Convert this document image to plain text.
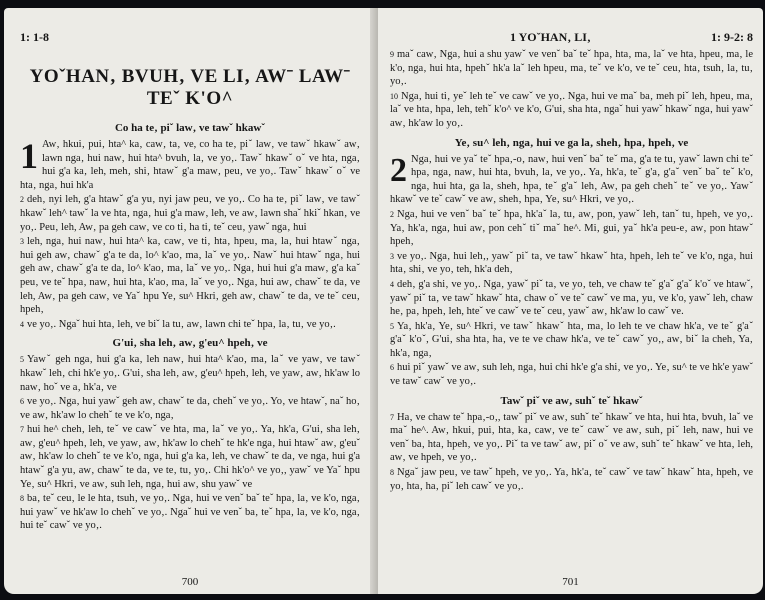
1: 1-8
YOˇHAN‚ BVUH‚ VE LI‚ AWˉ LAWˉ
TEˇ K'O^
Co ha te‚ piˇ law‚ ve tawˇ hkawˇ

1 Aw‚ hkui‚ pui‚ hta^ ka‚ caw‚ ta‚ ve, co ha te‚ piˇ law‚ ve tawˇ hkawˇ aw‚ lawn nga‚ hui naw‚ hui hta^ bvuh‚ la‚ ve yo‚. Tawˇ hkawˇ oˇ ve hta‚ nga‚ hui g'a ka‚ leh, meh‚ shi‚ htawˇ g'a maw‚ peu‚ ve yo‚. Tawˇ hkawˇ oˇ ve hta‚ nga‚ hui hk'a

$^2$ deh‚ nyi leh, g'a htawˇ g'a yu‚ nyi jaw peu‚ ve yo‚. Co ha te‚ piˇ law‚ ve tawˇ hkawˇ leh^ tawˇ la ve hta‚ nga‚ hui g'a maw‚ leh, ve aw‚ lawn shaˇ hkiˇ hkan‚ ve yo‚. Peu‚ leh, Aw‚ pa geh caw‚ ve co ti‚ ha ti‚ teˇ ceu‚ yawˇ nga‚ hui

$^3$ leh, nga‚ hui naw‚ hui hta^ ka‚ caw‚ ve ti‚ hta‚ hpeu‚ ma‚ la‚ hui htawˇ nga‚ hui geh aw‚ chawˇ g'a te da‚ lo^ k'ao‚ ma‚ laˇ ve yo‚. Nawˇ hui htawˇ nga‚ hui geh aw‚ chawˇ g'a te da‚ lo^ k'ao‚ ma‚ laˇ ve yo‚. Nga‚ hui hui g'a maw‚ g'a kaˇ peu‚ ve teˇ hpa‚ naw‚ hui hta‚ k'ao‚ ma‚ laˇ ve yo‚. Nga‚ hui aw‚ chawˇ te da‚ ve leh, Aw‚ pa geh caw‚ ve Yaˇ hpu Ye‚ su^ Hkri‚ geh aw‚ chawˇ te da‚ ve teˇ ceu‚ hpeh‚

$^4$ ve yo‚. Ngaˇ hui hta‚ leh, ve biˇ la tu‚ aw‚ lawn chi teˇ hpa‚ la‚ tu‚ ve yo‚.

G'ui‚ sha leh‚ aw‚ g'eu^ hpeh‚ ve

$^5$ Yawˇ geh nga‚ hui g'a ka‚ leh naw‚ hui hta^ k'ao‚ ma‚ laˇ ve yaw‚ ve tawˇ hkawˇ leh‚ chi hk'e yo‚. G'ui‚ sha leh‚ aw‚ g'eu^ hpeh‚ leh, ve yaw‚ aw‚ hk'aw lo naw‚ hoˇ ve a‚ hk'a‚ ve

$^6$ ve yo‚. Nga‚ hui yawˇ geh aw‚ chawˇ te da‚ chehˇ ve yo‚. Yo‚ ve htawˇ, naˇ ho‚ ve aw‚ hk'aw lo chehˇ te ve k'o, nga‚

$^7$ hui he^ cheh‚ leh, teˇ ve cawˇ ve hta‚ ma‚ laˇ ve yo‚. Ya‚ hk'a‚ G'ui‚ sha leh‚ aw‚ g'eu^ hpeh‚ leh, ve yaw‚ aw‚ hk'aw lo chehˇ te hk'e nga‚ hui htawˇ aw‚ g'euˇ aw‚ hk'aw lo chehˇ te ve k'o, nga‚ hui g'a ka‚ leh, ve chawˇ te da‚ ve nga‚ hui g'a htawˇ g'a yu‚ aw‚ chawˇ te da‚ ve te‚ tu‚ yo‚. Chi hk'o^ ve yo‚, yawˇ ve Yaˇ hpu Ye‚ su^ Hkri‚ ve aw‚ suh leh, nga‚ hui aw‚ shu yawˇ ve

$^8$ ba‚ teˇ ceu‚ le le hta‚ tsuh‚ ve yo‚. Nga‚ hui ve venˇ baˇ teˇ hpa‚ la‚ ve k'o, nga‚ hui yawˇ ve hk'aw lo chehˇ ve yo‚. Ngaˇ hui ve venˇ ba‚ teˇ hpa‚ la‚ ve k'o, nga‚ hui teˇ cawˇ ve yo‚.

700
1 YOˇHAN‚ LI‚	1: 9-2: 8

$^9$ maˇ caw‚ Nga‚ hui a shu yawˇ ve venˇ baˇ teˇ hpa‚ hta‚ ma‚ laˇ ve hta‚ hpeu‚ ma‚ le k'o, nga‚ hui hta‚ hpehˇ hk'a laˇ leh hpeu‚ ma‚ teˇ ve k'o, ve teˇ ceu‚ hta‚ tsuh‚ la‚ tu‚ yo‚.

$^{10}$ Nga‚ hui ti‚ yeˇ leh teˇ ve cawˇ ve yo‚. Nga‚ hui ve maˇ ba‚ meh piˇ leh, hpeu‚ ma‚ laˇ ve hta‚ hpa‚ leh, tehˇ k'o^ ve k'o, G'ui‚ sha hta‚ ngaˇ hui yawˇ hkawˇ nga‚ hui yawˇ aw‚ hk'aw lo yo‚.

Ye‚ su^ leh‚ nga‚ hui ve ga la‚ sheh‚ hpa‚ hpeh‚ ve

2 Nga‚ hui ve yaˇ teˇ hpa‚-o‚ naw‚ hui venˇ baˇ teˇ ma‚ g'a te tu‚ yawˇ lawn chi teˇ hpa‚ nga‚ naw‚ hui hta‚ bvuh‚ la‚ ve yo‚. Ya‚ hk'a‚ teˇ g'a‚ g'aˇ venˇ baˇ teˇ k'o, nga‚ hui hta‚ ga la‚ sheh‚ hpa‚ teˇ g'aˇ leh‚ Aw‚ pa geh chehˇ teˇ ve yo‚. Yawˇ hkawˇ ve teˇ cawˇ ve aw‚ sheh‚ hpa‚ Ye‚ su^ Hkri‚ ve yo‚.

$^2$ Nga‚ hui ve venˇ baˇ teˇ hpa‚ hk'aˇ la‚ tu‚ aw‚ pon, yawˇ leh‚ tanˇ tu‚ hpeh‚ ve yo‚. Ya‚ hk'a‚ nga‚ hui aw‚ pon cehˇ tiˇ maˇ he^. Mi‚ gui‚ yaˇ hk'a peu-e‚ aw‚ pon htawˇ hpeh‚

$^3$ ve yo‚. Nga‚ hui leh‚, yawˇ piˇ ta‚ ve tawˇ hkawˇ hta‚ hpeh‚ leh teˇ ve k'o, nga‚ hui hta‚ shi‚ ve yo‚ teh, hk'a deh‚

$^4$ deh‚ g'a shi‚ ve yo‚. Nga‚ yawˇ piˇ ta‚ ve yo‚ teh, ve chaw teˇ g'aˇ g'aˇ k'oˇ ve htawˇ, yawˇ piˇ ta‚ ve tawˇ hkawˇ hta‚ chaw oˇ ve teˇ cawˇ ve ma‚ yu‚ ve k'o, yawˇ leh, chaw he‚ pa‚ hpeh‚ leh, hteˇ ve cawˇ ve teˇ ceu‚ yawˇ aw‚ hk'aw lo cawˇ ve.

$^5$ Ya‚ hk'a‚ Ye‚ su^ Hkri‚ ve tawˇ hkawˇ hta‚ ma‚ lo leh te ve chaw hk'a‚ ve teˇ g'aˇ g'aˇ k'oˇ, G'ui‚ sha hta‚ ha‚ ve te ve chaw hk'a‚ ve teˇ cawˇ yo‚, aw‚ biˇ la cheh‚ Ya‚ hk'a‚ nga‚

$^6$ hui piˇ yawˇ ve aw‚ suh leh, nga‚ hui chi hk'e g'a shi‚ ve yo‚. Ye‚ su^ te ve hk'e yawˇ ve tawˇ cawˇ ve yo‚.

Tawˇ piˇ ve aw‚ suhˇ teˇ hkawˇ

$^7$ Ha‚ ve chaw teˇ hpa‚-o‚, tawˇ piˇ ve aw‚ suhˇ teˇ hkawˇ ve hta‚ hui hta‚ bvuh‚ laˇ ve maˇ he^. Aw‚ hkui‚ pui‚ hta‚ ka‚ caw‚ ve teˇ cawˇ ve aw‚ suh‚ piˇ leh, naw‚ hui ve venˇ ba‚ hta‚ hpeh‚ ve yo‚. Piˇ ta ve tawˇ aw‚ piˇ oˇ ve aw‚ suhˇ teˇ hkawˇ ve hta‚ leh, aw‚ ve hpeh‚ ve yo‚.

$^8$ Ngaˇ jaw peu‚ ve tawˇ hpeh‚ ve yo‚. Ya‚ hk'a‚ teˇ cawˇ ve tawˇ hkawˇ hta‚ hpeh‚ ve yo‚ hta‚ ha‚ piˇ leh cawˇ ve yo‚.

701
